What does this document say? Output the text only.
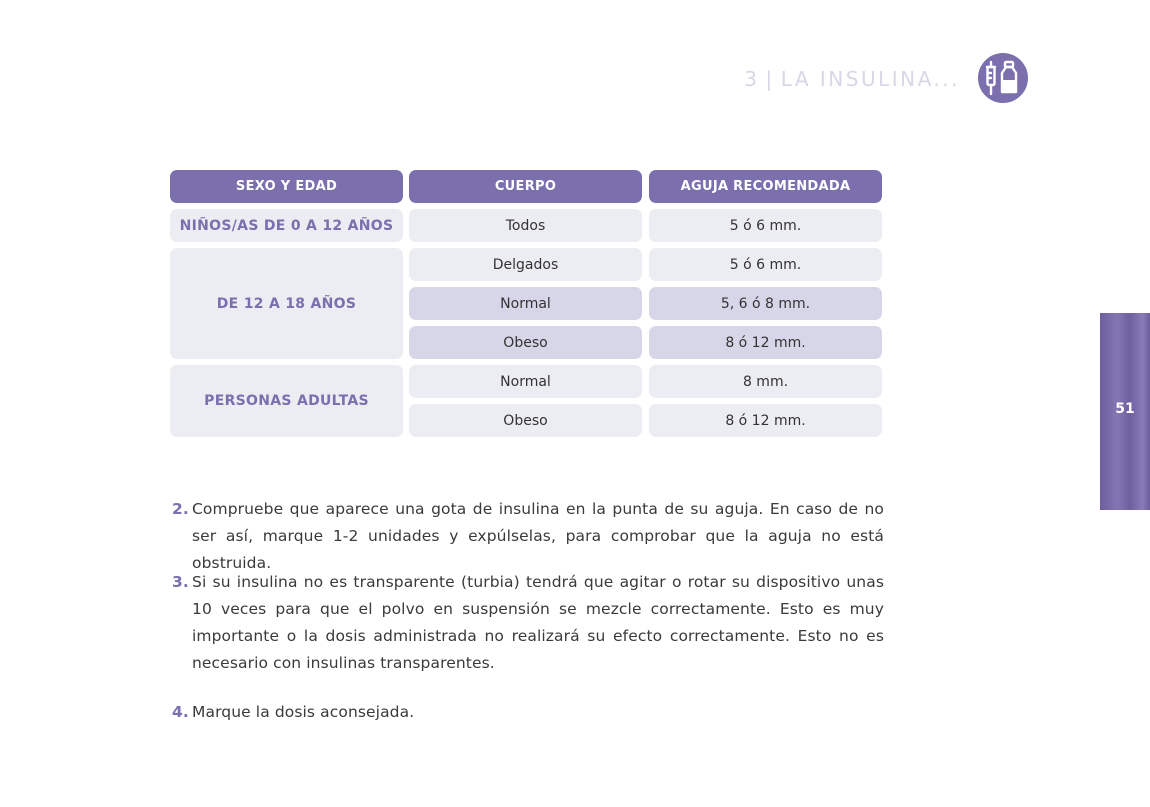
3 | LA INSULINA...
SEXO Y EDAD	CUERPO	AGUJA RECOMENDADA
NIÑOS/AS DE 0 A 12 AÑOS	Todos	5 ó 6 mm.
DE 12 A 18 AÑOS
Delgados	5 ó 6 mm.
Normal	5, 6 ó 8 mm.
Obeso	8 ó 12 mm.
PERSONAS ADULTAS
Normal	8 mm.
Obeso	8 ó 12 mm.
51
2. Compruebe que aparece una gota de insulina en la punta de su aguja. En caso de no ser así, marque 1-2 unidades y expúlselas, para comprobar que la aguja no está obstruida.
3. Si su insulina no es transparente (turbia) tendrá que agitar o rotar su dispositivo unas 10 veces para que el polvo en suspensión se mezcle correctamente. Esto es muy importante o la dosis administrada no realizará su efecto correctamente. Esto no es necesario con insulinas transparentes.
4. Marque la dosis aconsejada.
